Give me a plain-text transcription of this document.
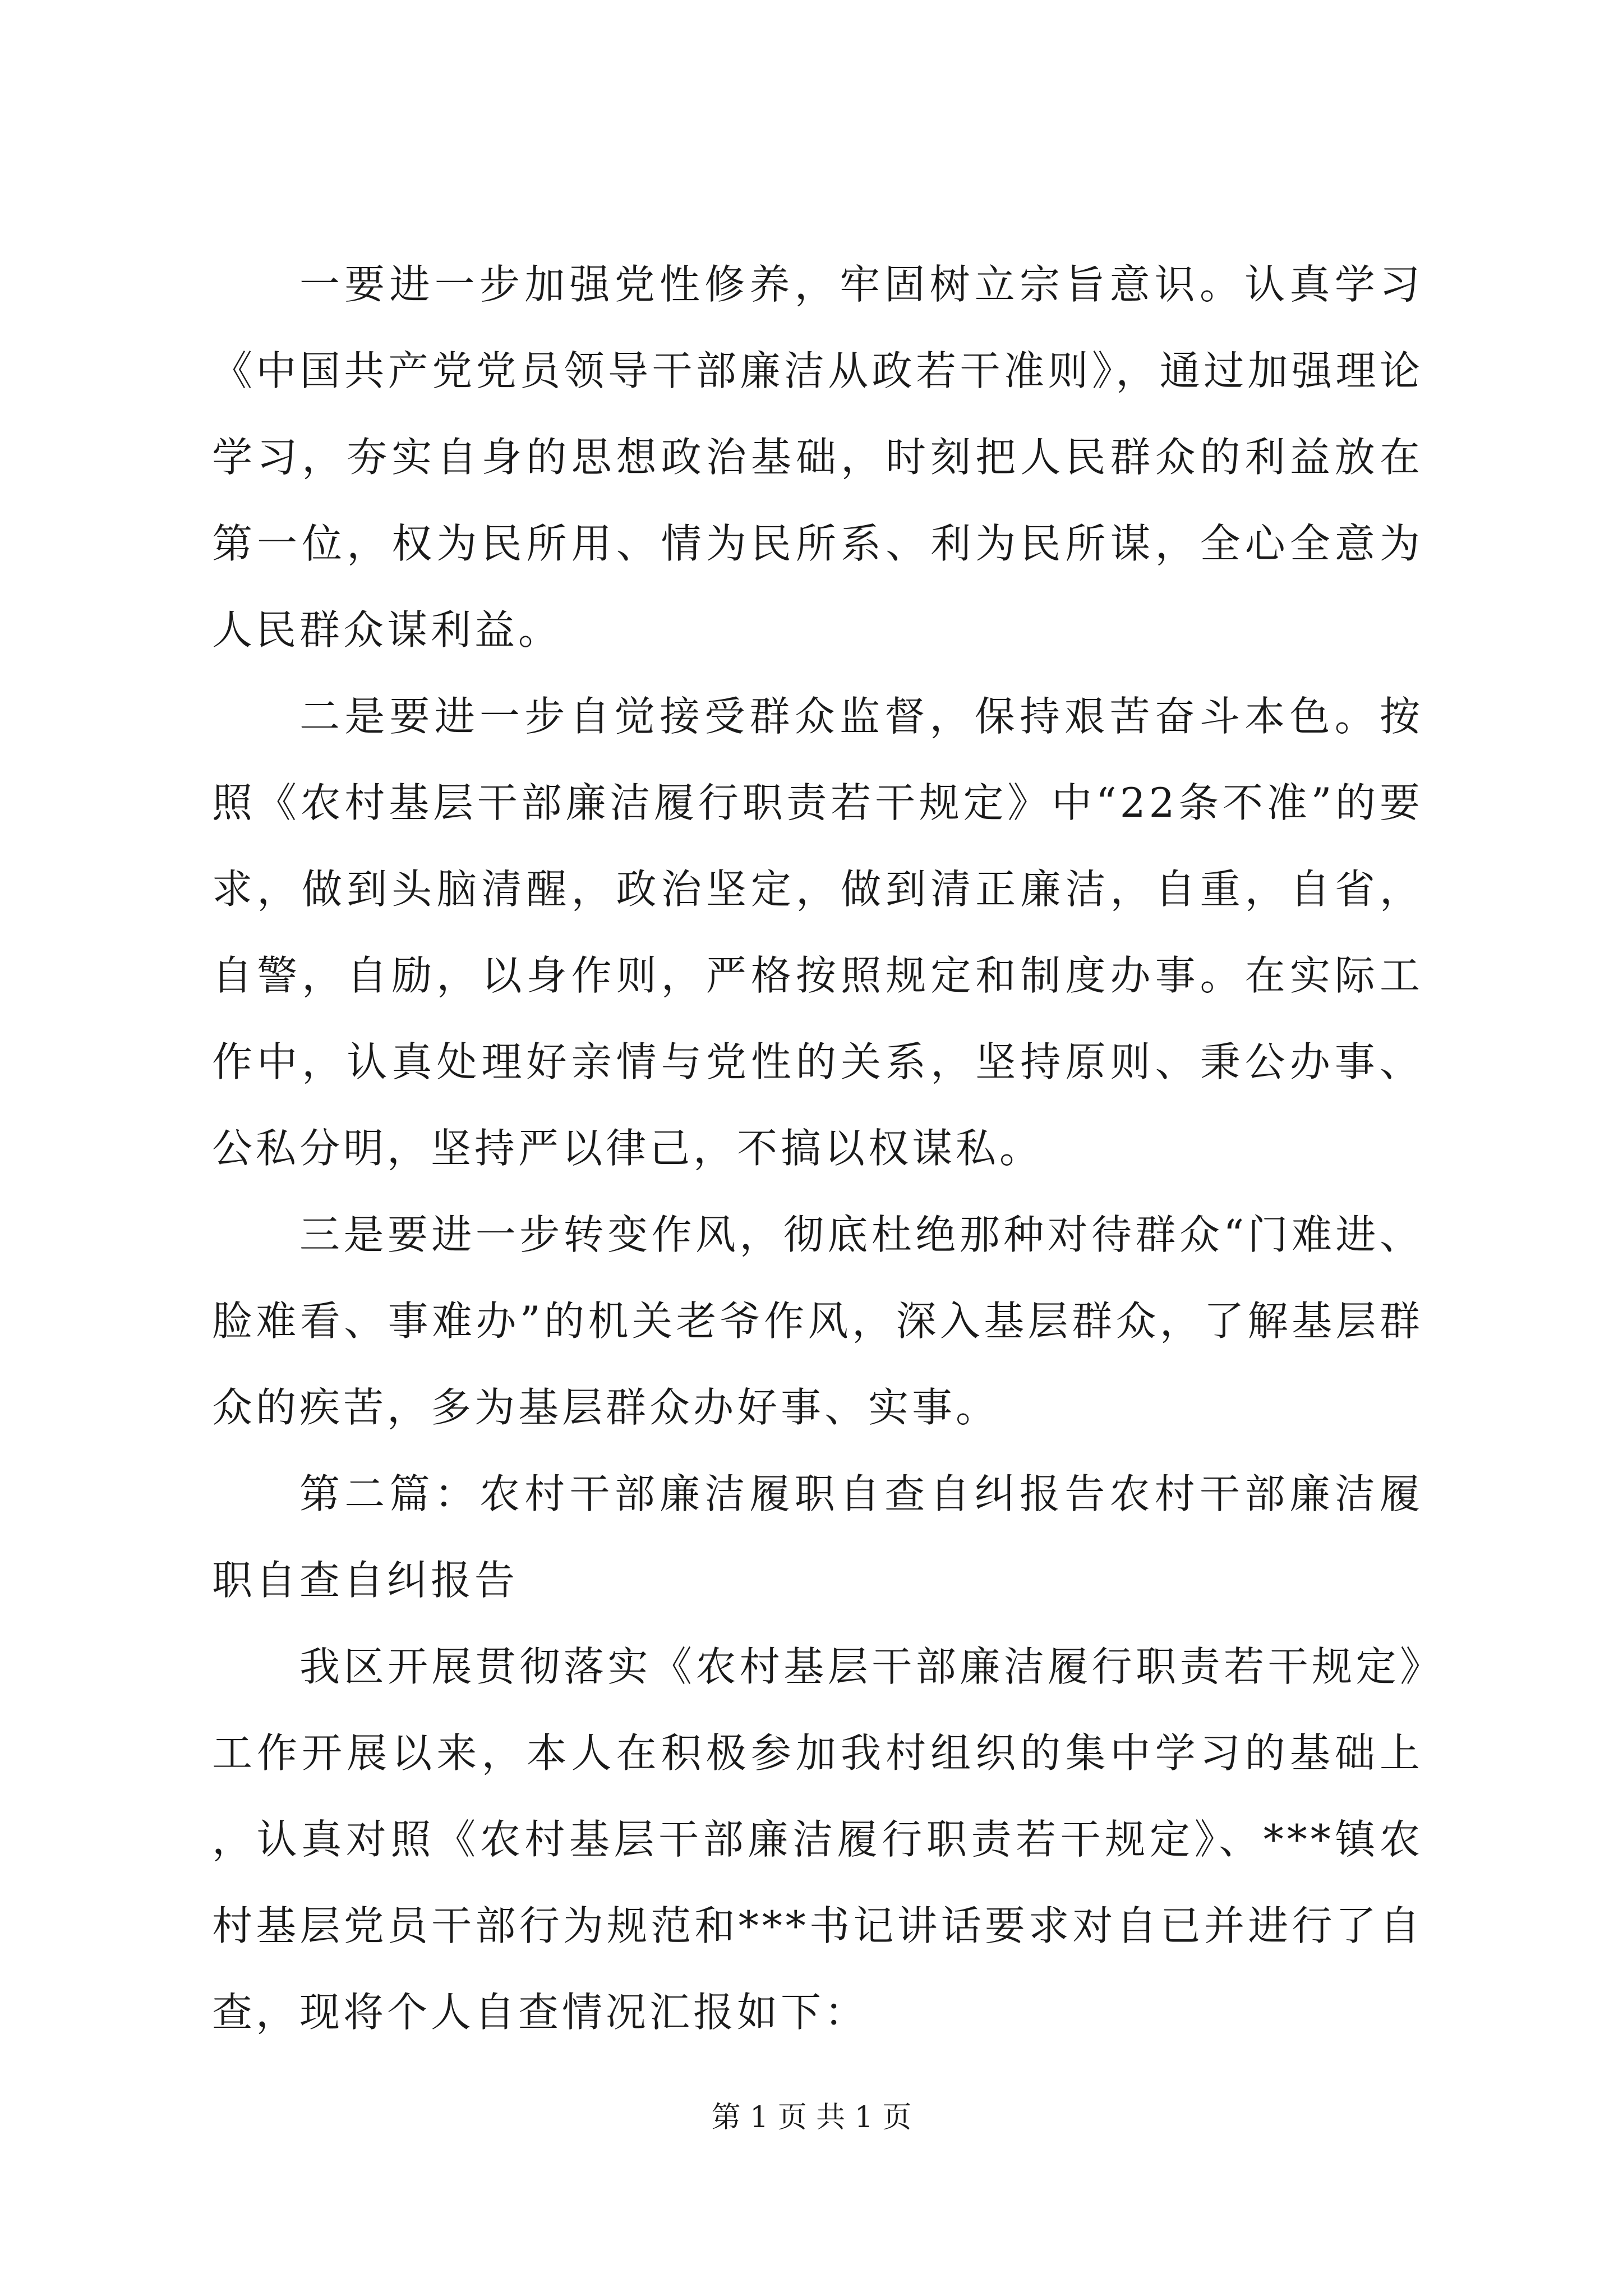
一要进一步加强党性修养，牢固树立宗旨意识。认真学习《中国共产党党员领导干部廉洁从政若干准则》，通过加强理论学习，夯实自身的思想政治基础，时刻把人民群众的利益放在第一位，权为民所用、情为民所系、利为民所谋，全心全意为人民群众谋利益。

二是要进一步自觉接受群众监督，保持艰苦奋斗本色。按照《农村基层干部廉洁履行职责若干规定》中“22条不准”的要求，做到头脑清醒，政治坚定，做到清正廉洁，自重，自省，自警，自励，以身作则，严格按照规定和制度办事。在实际工作中，认真处理好亲情与党性的关系，坚持原则、秉公办事、公私分明，坚持严以律己，不搞以权谋私。

三是要进一步转变作风，彻底杜绝那种对待群众“门难进、脸难看、事难办”的机关老爷作风，深入基层群众，了解基层群众的疾苦，多为基层群众办好事、实事。

第二篇：农村干部廉洁履职自查自纠报告农村干部廉洁履职自查自纠报告

我区开展贯彻落实《农村基层干部廉洁履行职责若干规定》工作开展以来，本人在积极参加我村组织的集中学习的基础上，认真对照《农村基层干部廉洁履行职责若干规定》、***镇农村基层党员干部行为规范和***书记讲话要求对自已并进行了自查，现将个人自查情况汇报如下：

第 1 页 共 1 页
